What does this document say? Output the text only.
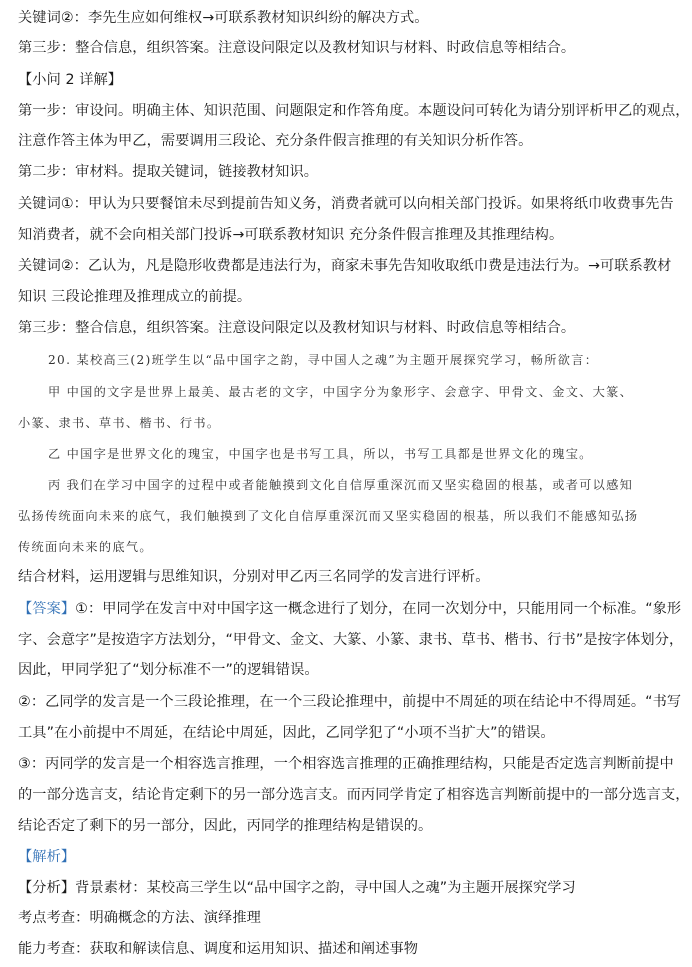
关键词②：李先生应如何维权→可联系教材知识纠纷的解决方式。
第三步：整合信息，组织答案。注意设问限定以及教材知识与材料、时政信息等相结合。
【小问 2 详解】
第一步：审设问。明确主体、知识范围、问题限定和作答角度。本题设问可转化为请分别评析甲乙的观点，
注意作答主体为甲乙，需要调用三段论、充分条件假言推理的有关知识分析作答。
第二步：审材料。提取关键词，链接教材知识。
关键词①：甲认为只要餐馆未尽到提前告知义务，消费者就可以向相关部门投诉。如果将纸巾收费事先告
知消费者，就不会向相关部门投诉→可联系教材知识 充分条件假言推理及其推理结构。
关键词②：乙认为，凡是隐形收费都是违法行为，商家未事先告知收取纸巾费是违法行为。→可联系教材
知识 三段论推理及推理成立的前提。
第三步：整合信息，组织答案。注意设问限定以及教材知识与材料、时政信息等相结合。
20. 某校高三(2)班学生以“品中国字之韵，寻中国人之魂”为主题开展探究学习，畅所欲言：
甲 中国的文字是世界上最美、最古老的文字，中国字分为象形字、会意字、甲骨文、金文、大篆、
小篆、隶书、草书、楷书、行书。
乙 中国字是世界文化的瑰宝，中国字也是书写工具，所以，书写工具都是世界文化的瑰宝。
丙 我们在学习中国字的过程中或者能触摸到文化自信厚重深沉而又坚实稳固的根基，或者可以感知
弘扬传统面向未来的底气，我们触摸到了文化自信厚重深沉而又坚实稳固的根基，所以我们不能感知弘扬
传统面向未来的底气。
结合材料，运用逻辑与思维知识，分别对甲乙丙三名同学的发言进行评析。
【答案】①：甲同学在发言中对中国字这一概念进行了划分，在同一次划分中，只能用同一个标准。“象形
字、会意字”是按造字方法划分，“甲骨文、金文、大篆、小篆、隶书、草书、楷书、行书”是按字体划分，
因此，甲同学犯了“划分标准不一”的逻辑错误。
②：乙同学的发言是一个三段论推理，在一个三段论推理中，前提中不周延的项在结论中不得周延。“书写
工具”在小前提中不周延，在结论中周延，因此，乙同学犯了“小项不当扩大”的错误。
③：丙同学的发言是一个相容选言推理，一个相容选言推理的正确推理结构，只能是否定选言判断前提中
的一部分选言支，结论肯定剩下的另一部分选言支。而丙同学肯定了相容选言判断前提中的一部分选言支，
结论否定了剩下的另一部分，因此，丙同学的推理结构是错误的。
【解析】
【分析】背景素材：某校高三学生以“品中国字之韵，寻中国人之魂”为主题开展探究学习
考点考查：明确概念的方法、演绎推理
能力考查：获取和解读信息、调度和运用知识、描述和阐述事物
